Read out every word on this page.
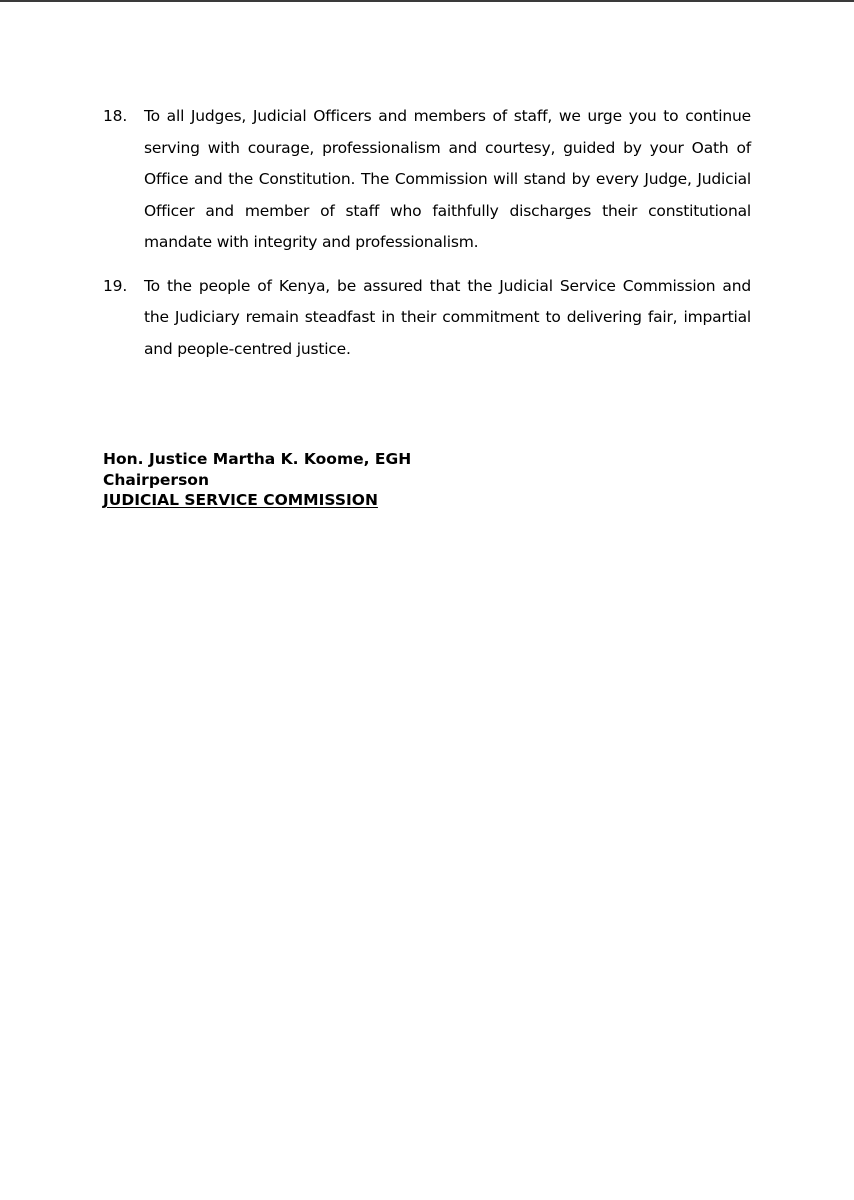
18.	To all Judges, Judicial Officers and members of staff, we urge you to continue serving with courage, professionalism and courtesy, guided by your Oath of Office and the Constitution. The Commission will stand by every Judge, Judicial Officer and member of staff who faithfully discharges their constitutional mandate with integrity and professionalism.
19.	To the people of Kenya, be assured that the Judicial Service Commission and the Judiciary remain steadfast in their commitment to delivering fair, impartial and people-centred justice.
Hon. Justice Martha K. Koome, EGH
Chairperson
JUDICIAL SERVICE COMMISSION
